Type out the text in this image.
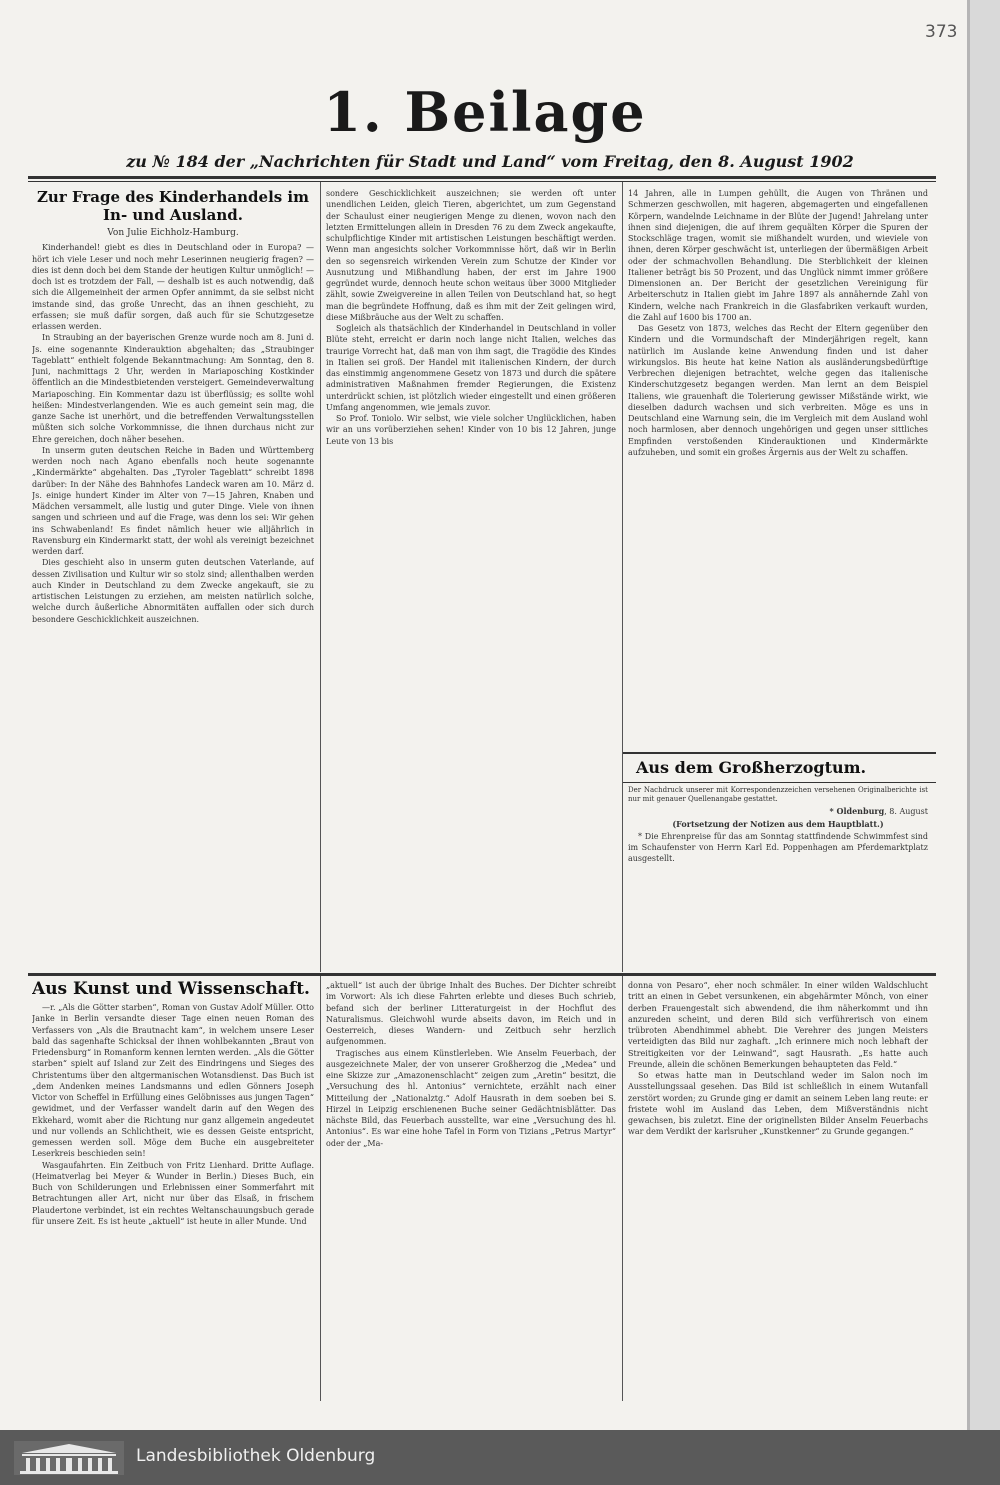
373
1. Beilage
zu № 184 der „Nachrichten für Stadt und Land“ vom Freitag, den 8. August 1902
Zur Frage des Kinderhandels im In- und Ausland.
Von Julie Eichholz-Hamburg.

Kinderhandel! giebt es dies in Deutschland oder in Europa? — hört ich viele Leser und noch mehr Leserinnen neugierig fragen? — dies ist denn doch bei dem Stande der heutigen Kultur unmöglich! — doch ist es trotzdem der Fall, — deshalb ist es auch notwendig, daß sich die Allgemeinheit der armen Opfer annimmt, da sie selbst nicht imstande sind, das große Unrecht, das an ihnen geschieht, zu erfassen; sie muß dafür sorgen, daß auch für sie Schutzgesetze erlassen werden.

In Straubing an der bayerischen Grenze wurde noch am 8. Juni d. Js. eine sogenannte Kinderauktion abgehalten; das „Straubinger Tageblatt“ enthielt folgende Bekanntmachung: Am Sonntag, den 8. Juni, nachmittags 2 Uhr, werden in Mariaposching Kostkinder öffentlich an die Mindestbietenden versteigert. Gemeindeverwaltung Mariaposching. Ein Kommentar dazu ist überflüssig; es sollte wohl heißen: Mindestverlangenden. Wie es auch gemeint sein mag, die ganze Sache ist unerhört, und die betreffenden Verwaltungsstellen müßten sich solche Vorkommnisse, die ihnen durchaus nicht zur Ehre gereichen, doch näher besehen.

In unserm guten deutschen Reiche in Baden und Württemberg werden noch nach Agano ebenfalls noch heute sogenannte „Kindermärkte“ abgehalten. Das „Tyroler Tageblatt“ schreibt 1898 darüber: In der Nähe des Bahnhofes Landeck waren am 10. März d. Js. einige hundert Kinder im Alter von 7—15 Jahren, Knaben und Mädchen versammelt, alle lustig und guter Dinge. Viele von ihnen sangen und schrieen und auf die Frage, was denn los sei: Wir gehen ins Schwabenland! Es findet nämlich heuer wie alljährlich in Ravensburg ein Kindermarkt statt, der wohl als vereinigt bezeichnet werden darf.

Dies geschieht also in unserm guten deutschen Vaterlande, auf dessen Zivilisation und Kultur wir so stolz sind; allenthalben werden auch Kinder in Deutschland zu dem Zwecke angekauft, sie zu artistischen Leistungen zu erziehen, am meisten natürlich solche, welche durch äußerliche Abnormitäten auffallen oder sich durch besondere Geschicklichkeit auszeichnen.

sondere Geschicklichkeit auszeichnen; sie werden oft unter unendlichen Leiden, gleich Tieren, abgerichtet, um zum Gegenstand der Schaulust einer neugierigen Menge zu dienen, wovon nach den letzten Ermittelungen allein in Dresden 76 zu dem Zweck angekaufte, schulpflichtige Kinder mit artistischen Leistungen beschäftigt werden. Wenn man angesichts solcher Vorkommnisse hört, daß wir in Berlin den so segensreich wirkenden Verein zum Schutze der Kinder vor Ausnutzung und Mißhandlung haben, der erst im Jahre 1900 gegründet wurde, dennoch heute schon weitaus über 3000 Mitglieder zählt, sowie Zweigvereine in allen Teilen von Deutschland hat, so hegt man die begründete Hoffnung, daß es ihm mit der Zeit gelingen wird, diese Mißbräuche aus der Welt zu schaffen.

Sogleich als thatsächlich der Kinderhandel in Deutschland in voller Blüte steht, erreicht er darin noch lange nicht Italien, welches das traurige Vorrecht hat, daß man von ihm sagt, die Tragödie des Kindes in Italien sei groß. Der Handel mit italienischen Kindern, der durch das einstimmig angenommene Gesetz von 1873 und durch die spätere administrativen Maßnahmen fremder Regierungen, die Existenz unterdrückt schien, ist plötzlich wieder eingestellt und einen größeren Umfang angenommen, wie jemals zuvor.

So Prof. Toniolo. Wir selbst, wie viele solcher Unglücklichen, haben wir an uns vorüberziehen sehen! Kinder von 10 bis 12 Jahren, junge Leute von 13 bis

14 Jahren, alle in Lumpen gehüllt, die Augen von Thränen und Schmerzen geschwollen, mit hageren, abgemagerten und eingefallenen Körpern, wandelnde Leichname in der Blüte der Jugend! Jahrelang unter ihnen sind diejenigen, die auf ihrem gequälten Körper die Spuren der Stockschläge tragen, womit sie mißhandelt wurden, und wieviele von ihnen, deren Körper geschwächt ist, unterliegen der übermäßigen Arbeit oder der schmachvollen Behandlung. Die Sterblichkeit der kleinen Italiener beträgt bis 50 Prozent, und das Unglück nimmt immer größere Dimensionen an. Der Bericht der gesetzlichen Vereinigung für Arbeiterschutz in Italien giebt im Jahre 1897 als annähernde Zahl von Kindern, welche nach Frankreich in die Glasfabriken verkauft wurden, die Zahl auf 1600 bis 1700 an.

Das Gesetz von 1873, welches das Recht der Eltern gegenüber den Kindern und die Vormundschaft der Minderjährigen regelt, kann natürlich im Auslande keine Anwendung finden und ist daher wirkungslos. Bis heute hat keine Nation als ausländerungsbedürftige Verbrechen diejenigen betrachtet, welche gegen das italienische Kinderschutzgesetz begangen werden. Man lernt an dem Beispiel Italiens, wie grauenhaft die Tolerierung gewisser Mißstände wirkt, wie dieselben dadurch wachsen und sich verbreiten. Möge es uns in Deutschland eine Warnung sein, die im Vergleich mit dem Ausland wohl noch harmlosen, aber dennoch ungehörigen und gegen unser sittliches Empfinden verstoßenden Kinderauktionen und Kindermärkte aufzuheben, und somit ein großes Ärgernis aus der Welt zu schaffen.

Aus dem Großherzogtum.

Der Nachdruck unserer mit Korrespondenzzeichen versehenen Originalberichte ist nur mit genauer Quellenangabe gestattet.

* Oldenburg, 8. August

(Fortsetzung der Notizen aus dem Hauptblatt.)

* Die Ehrenpreise für das am Sonntag stattfindende Schwimmfest sind im Schaufenster von Herrn Karl Ed. Poppenhagen am Pferdemarktplatz ausgestellt.

Aus Kunst und Wissenschaft.

—r. „Als die Götter starben“, Roman von Gustav Adolf Müller. Otto Janke in Berlin versandte dieser Tage einen neuen Roman des Verfassers von „Als die Brautnacht kam“, in welchem unsere Leser bald das sagenhafte Schicksal der ihnen wohlbekannten „Braut von Friedensburg“ in Romanform kennen lernten werden. „Als die Götter starben“ spielt auf Island zur Zeit des Eindringens und Sieges des Christentums über den altgermanischen Wotansdienst. Das Buch ist „dem Andenken meines Landsmanns und edlen Gönners Joseph Victor von Scheffel in Erfüllung eines Gelöbnisses aus jungen Tagen“ gewidmet, und der Verfasser wandelt darin auf den Wegen des Ekkehard, womit aber die Richtung nur ganz allgemein angedeutet und nur vollends an Schlichtheit, wie es dessen Geiste entspricht, gemessen werden soll. Möge dem Buche ein ausgebreiteter Leserkreis beschieden sein!

Wasgaufahrten. Ein Zeitbuch von Fritz Lienhard. Dritte Auflage. (Heimatverlag bei Meyer & Wunder in Berlin.) Dieses Buch, ein Buch von Schilderungen und Erlebnissen einer Sommerfahrt mit Betrachtungen aller Art, nicht nur über das Elsaß, in frischem Plaudertone verbindet, ist ein rechtes Weltanschauungsbuch gerade für unsere Zeit. Es ist heute „aktuell“ ist heute in aller Munde. Und

„aktuell“ ist auch der übrige Inhalt des Buches. Der Dichter schreibt im Vorwort: Als ich diese Fahrten erlebte und dieses Buch schrieb, befand sich der berliner Litteraturgeist in der Hochflut des Naturalismus. Gleichwohl wurde abseits davon, im Reich und in Oesterreich, dieses Wandern- und Zeitbuch sehr herzlich aufgenommen.

Tragisches aus einem Künstlerleben. Wie Anselm Feuerbach, der ausgezeichnete Maler, der von unserer Großherzog die „Medea“ und eine Skizze zur „Amazonenschlacht“ zeigen zum „Aretin“ besitzt, die „Versuchung des hl. Antonius“ vernichtete, erzählt nach einer Mitteilung der „Nationalztg.“ Adolf Hausrath in dem soeben bei S. Hirzel in Leipzig erschienenen Buche seiner Gedächtnisblätter. Das nächste Bild, das Feuerbach ausstellte, war eine „Versuchung des hl. Antonius“. Es war eine hohe Tafel in Form von Tizians „Petrus Martyr“ oder der „Ma-

donna von Pesaro“, eher noch schmäler. In einer wilden Waldschlucht tritt an einen in Gebet versunkenen, ein abgehärmter Mönch, von einer derben Frauengestalt sich abwendend, die ihm näherkommt und ihn anzureden scheint, und deren Bild sich verführerisch von einem trübroten Abendhimmel abhebt. Die Verehrer des jungen Meisters verteidigten das Bild nur zaghaft. „Ich erinnere mich noch lebhaft der Streitigkeiten vor der Leinwand“, sagt Hausrath. „Es hatte auch Freunde, allein die schönen Bemerkungen behaupteten das Feld.“

So etwas hatte man in Deutschland weder im Salon noch im Ausstellungssaal gesehen. Das Bild ist schließlich in einem Wutanfall zerstört worden; zu Grunde ging er damit an seinem Leben lang reute: er fristete wohl im Ausland das Leben, dem Mißverständnis nicht gewachsen, bis zuletzt. Eine der originellsten Bilder Anselm Feuerbachs war dem Verdikt der karlsruher „Kunstkenner“ zu Grunde gegangen.“

Landesbibliothek Oldenburg
